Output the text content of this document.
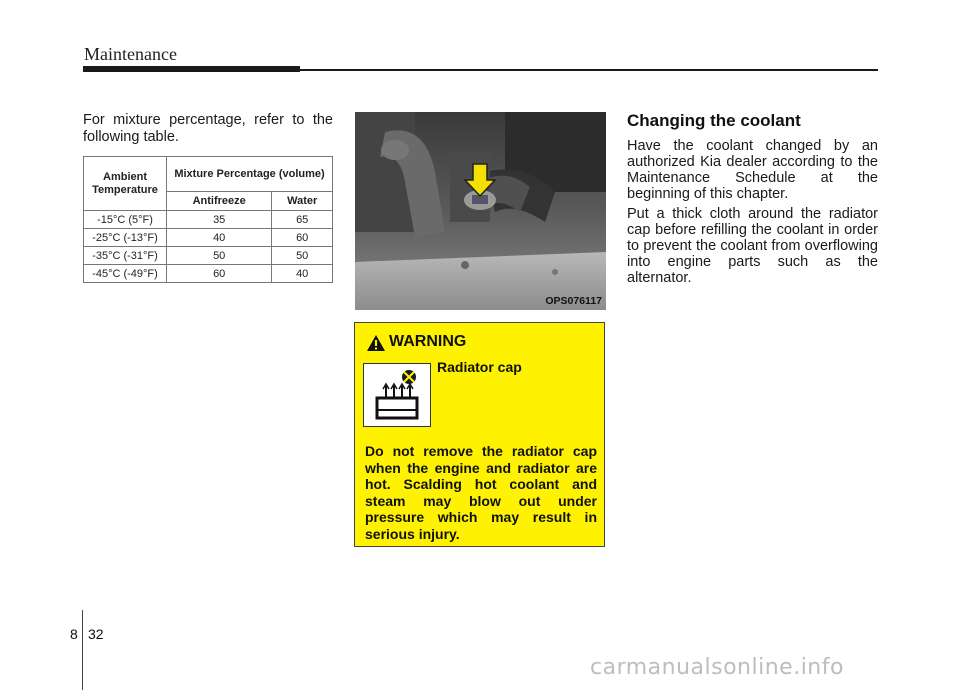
Maintenance
For mixture percentage, refer to the following table.
Ambient Temperature	Mixture Percentage (volume)	
	Antifreeze	Water
-15°C (5°F)	35	65
-25°C (-13°F)	40	60
-35°C (-31°F)	50	50
-45°C (-49°F)	60	40
OPS076117
WARNING
Radiator cap
Do not remove the radiator cap when the engine and radiator are hot. Scalding hot coolant and steam may blow out under pressure which may result in serious injury.
Changing the coolant
Have the coolant changed by an authorized Kia dealer according to the Maintenance Schedule at the beginning of this chapter.
Put a thick cloth around the radiator cap before refilling the coolant in order to prevent the coolant from overflowing into engine parts such as the alternator.
8 32
carmanualsonline.info
